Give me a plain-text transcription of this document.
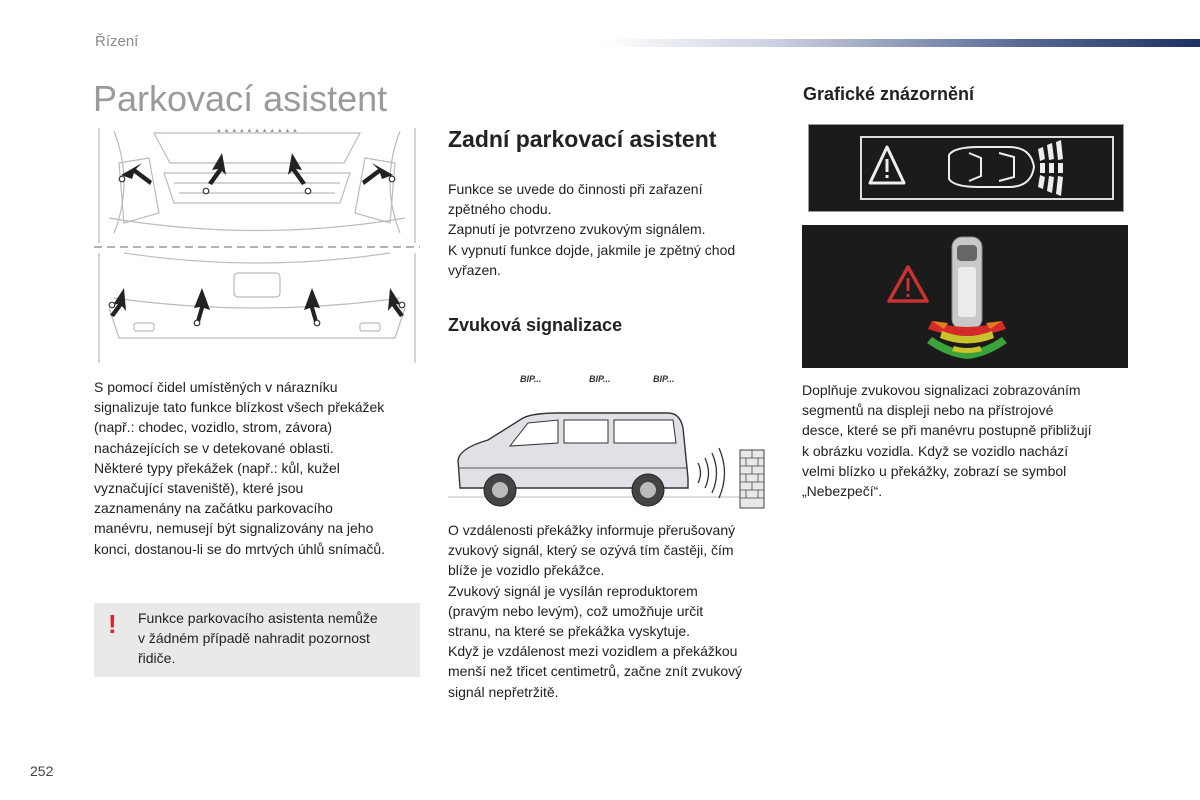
Řízení
Parkovací asistent
▲ ▲ ▲ ▲ ▲ ▲ ▲ ▲ ▲ ▲ ▲

S pomocí čidel umístěných v nárazníku

signalizuje tato funkce blízkost všech překážek

(např.: chodec, vozidlo, strom, závora)

nacházejících se v detekované oblasti.

Některé typy překážek (např.: kůl, kužel

vyznačující staveniště), které jsou

zaznamenány na začátku parkovacího

manévru, nemusejí být signalizovány na jeho

konci, dostanou-li se do mrtvých úhlů snímačů.

! Funkce parkovacího asistenta nemůže
v žádném případě nahradit pozornost
řidiče.
Zadní parkovací asistent

Funkce se uvede do činnosti při zařazení

zpětného chodu.

Zapnutí je potvrzeno zvukovým signálem.

K vypnutí funkce dojde, jakmile je zpětný chod

vyřazen.

Zvuková signalizace
BIP...	BIP...	BIP...

O vzdálenosti překážky informuje přerušovaný

zvukový signál, který se ozývá tím častěji, čím

blíže je vozidlo překážce.

Zvukový signál je vysílán reproduktorem

(pravým nebo levým), což umožňuje určit

stranu, na které se překážka vyskytuje.

Když je vzdálenost mezi vozidlem a překážkou

menší než třicet centimetrů, začne znít zvukový

signál nepřetržitě.

Grafické znázornění

Doplňuje zvukovou signalizaci zobrazováním

segmentů na displeji nebo na přístrojové

desce, které se při manévru postupně přibližují

k obrázku vozidla. Když se vozidlo nachází

velmi blízko u překážky, zobrazí se symbol

„Nebezpečí“.

252
